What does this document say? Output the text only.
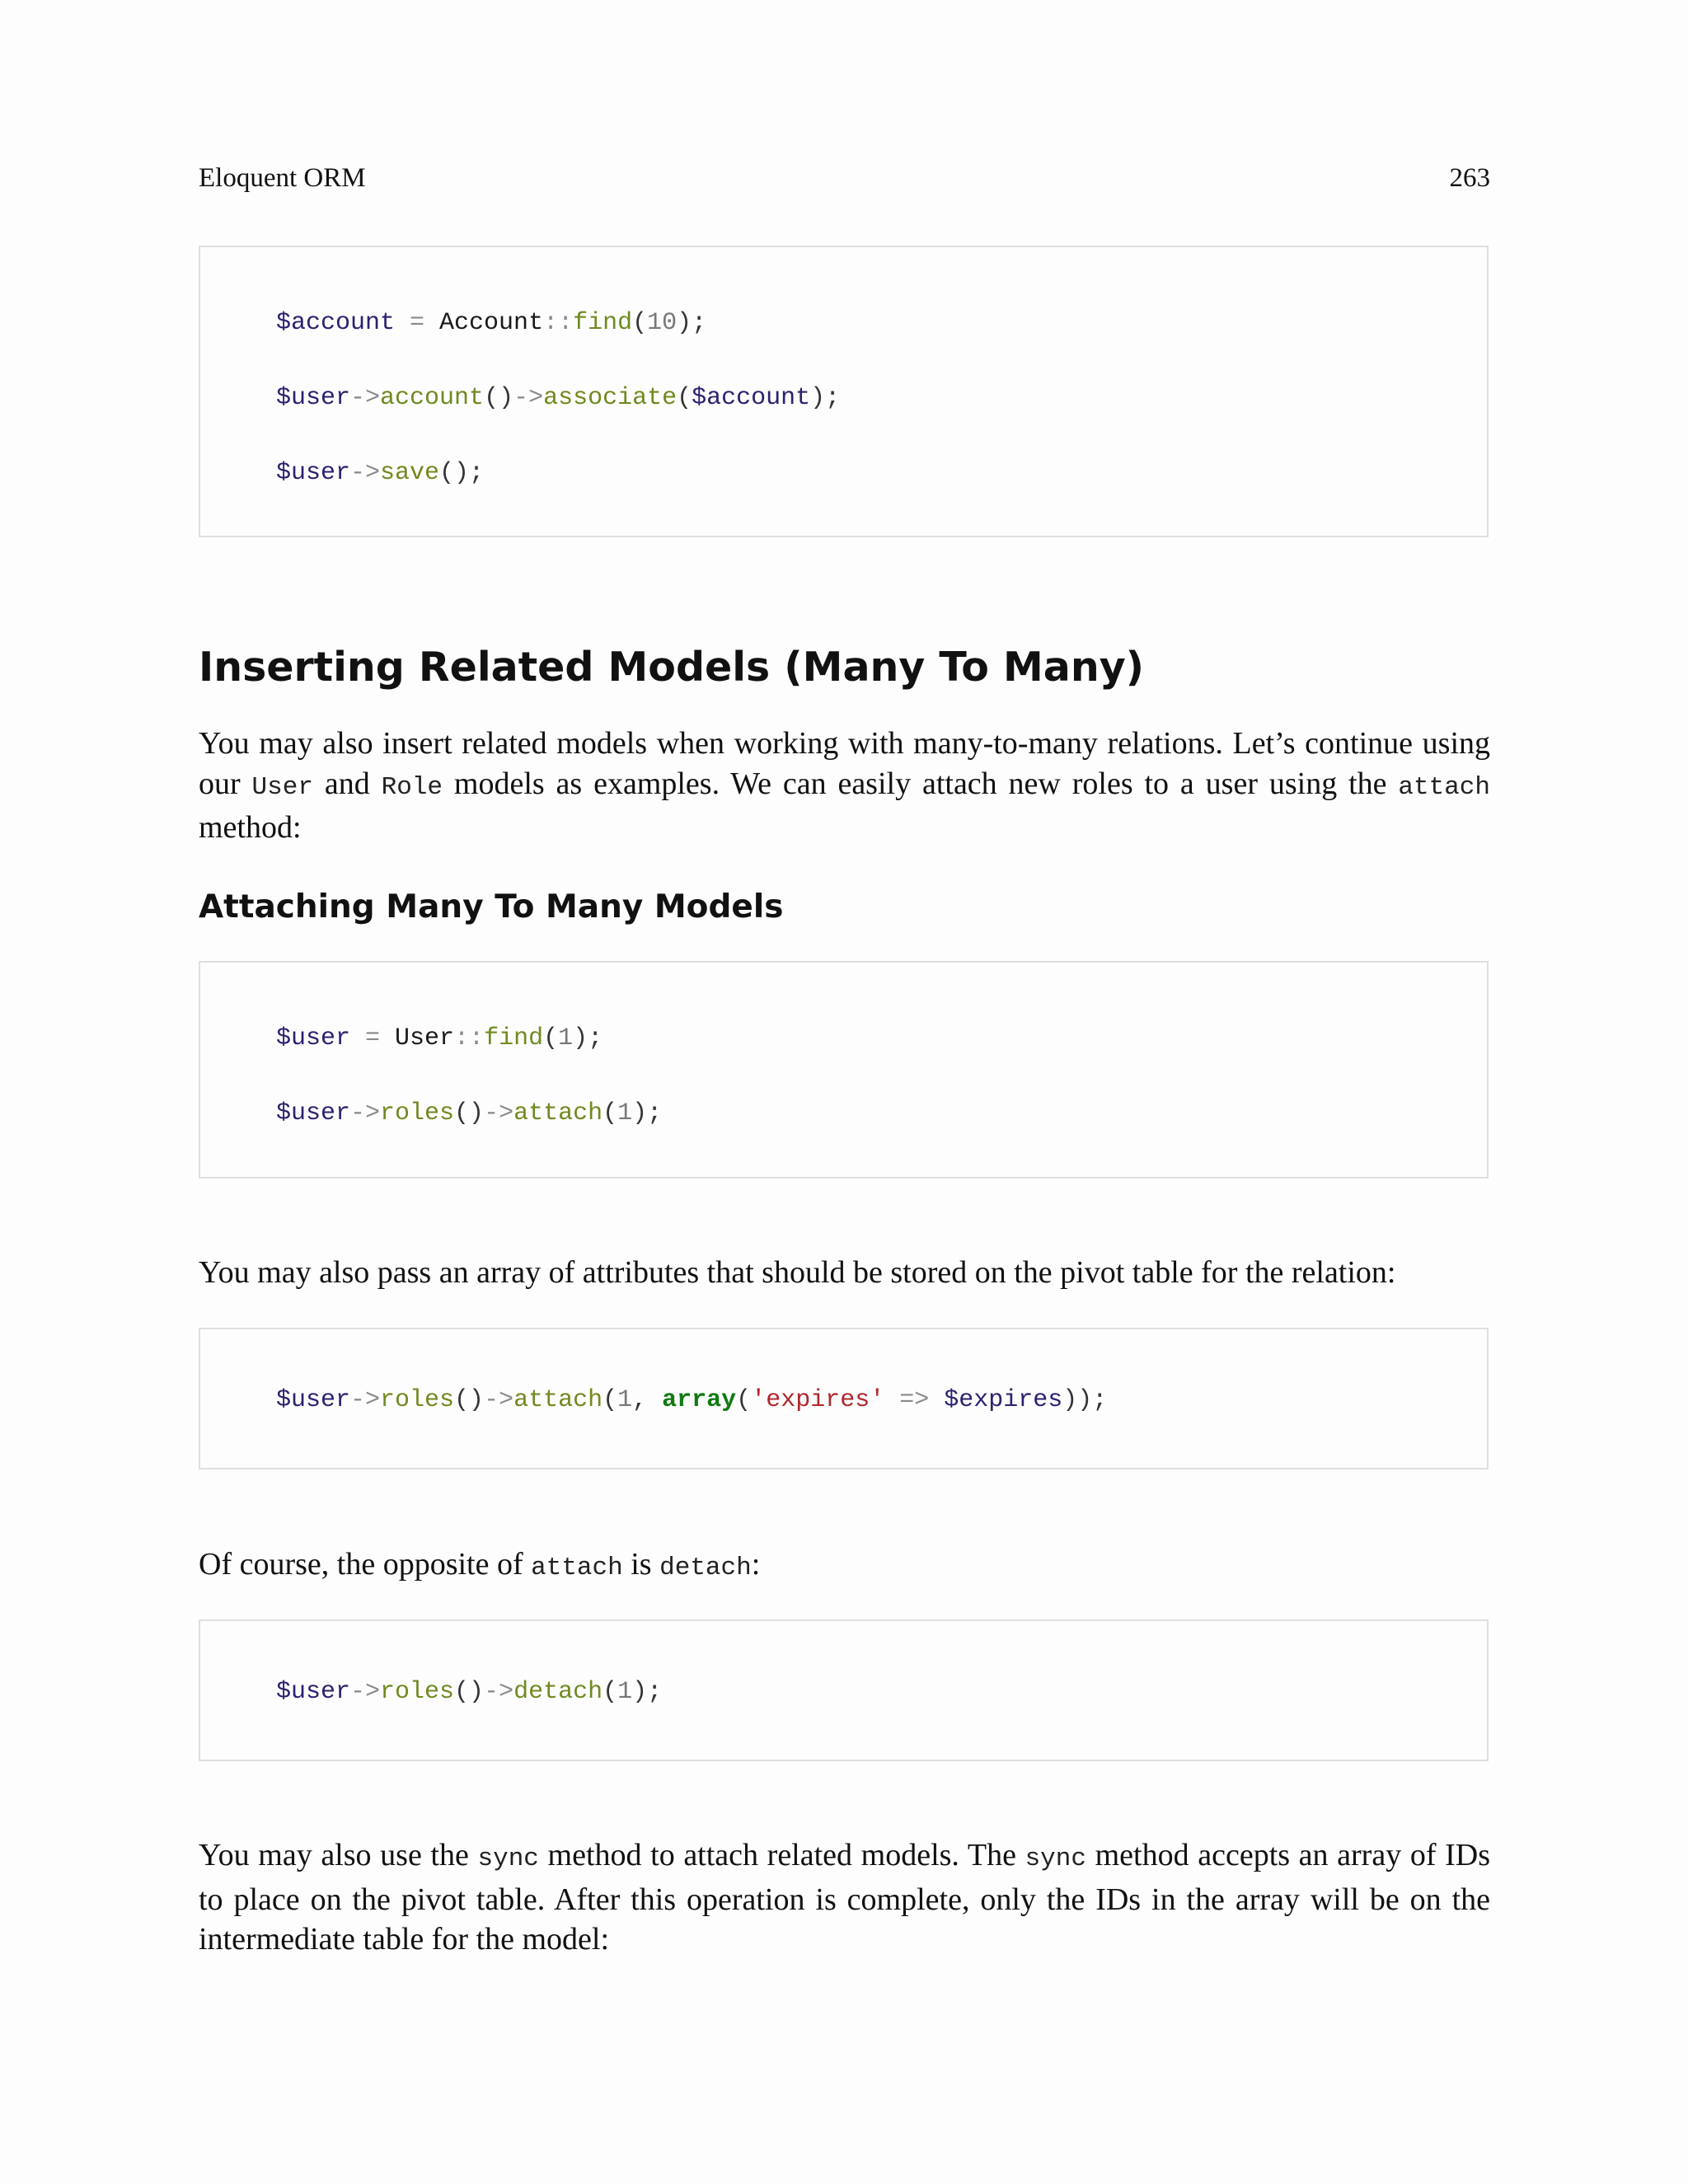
Eloquent ORM	263
$account = Account::find(10);
$user->account()->associate($account);
$user->save();
Inserting Related Models (Many To Many)

You may also insert related models when working with many-to-many relations. Let’s continue using our User and Role models as examples. We can easily attach new roles to a user using the attach method:

Attaching Many To Many Models
$user = User::find(1);
$user->roles()->attach(1);

You may also pass an array of attributes that should be stored on the pivot table for the relation:

$user->roles()->attach(1, array('expires' => $expires));

Of course, the opposite of attach is detach:

$user->roles()->detach(1);

You may also use the sync method to attach related models. The sync method accepts an array of IDs to place on the pivot table. After this operation is complete, only the IDs in the array will be on the intermediate table for the model:
